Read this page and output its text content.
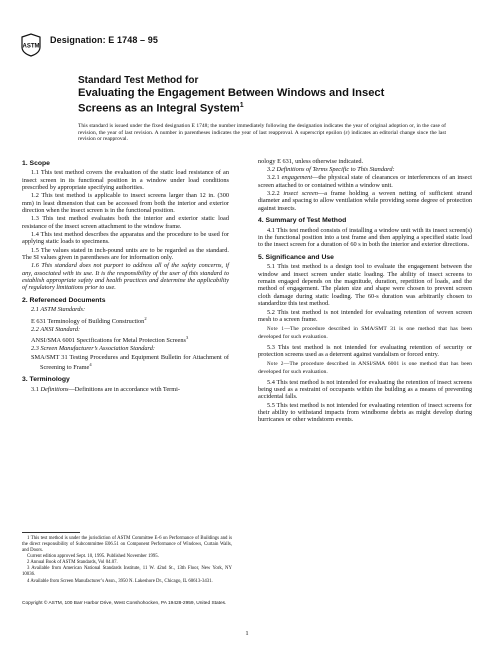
ASTM
Designation: E 1748 – 95
Standard Test Method for
Evaluating the Engagement Between Windows and Insect
Screens as an Integral System$^1$
This standard is issued under the fixed designation E 1748; the number immediately following the designation indicates the year of original adoption or, in the case of revision, the year of last revision. A number in parentheses indicates the year of last reapproval. A superscript epsilon (ε) indicates an editorial change since the last revision or reapproval.
1. Scope

1.1 This test method covers the evaluation of the static load resistance of an insect screen in its functional position in a window under load conditions prescribed by appropriate specifying authorities.

1.2 This test method is applicable to insect screens larger than 12 in. (300 mm) in least dimension that can be accessed from both the interior and exterior direction when the insect screen is in the functional position.

1.3 This test method evaluates both the interior and exterior static load resistance of the insect screen attachment to the window frame.

1.4 This test method describes the apparatus and the procedure to be used for applying static loads to specimens.

1.5 The values stated in inch-pound units are to be regarded as the standard. The SI values given in parentheses are for information only.

1.6 This standard does not purport to address all of the safety concerns, if any, associated with its use. It is the responsibility of the user of this standard to establish appropriate safety and health practices and determine the applicability of regulatory limitations prior to use.

2. Referenced Documents

2.1 ASTM Standards:

E 631 Terminology of Building Construction$^2$

2.2 ANSI Standard:

ANSI/SMA 6001 Specifications for Metal Protection Screens$^3$

2.3 Screen Manufacturer’s Association Standard:

SMA/SMT 31 Testing Procedures and Equipment Bulletin for Attachment of Screening to Frame$^4$

3. Terminology

3.1 Definitions—Definitions are in accordance with Termi-

nology E 631, unless otherwise indicated.

3.2 Definitions of Terms Specific to This Standard:

3.2.1 engagement—the physical state of clearances or interferences of an insect screen attached to or contained within a window unit.

3.2.2 insect screen—a frame holding a woven netting of sufficient strand diameter and spacing to allow ventilation while providing some degree of protection against insects.

4. Summary of Test Method

4.1 This test method consists of installing a window unit with its insect screen(s) in the functional position into a test frame and then applying a specified static load to the insect screen for a duration of 60 s in both the interior and exterior directions.

5. Significance and Use

5.1 This test method is a design tool to evaluate the engagement between the window and insect screen under static loading. The ability of insect screens to remain engaged depends on the magnitude, duration, repetition of loads, and the method of engagement. The platen size and shape were chosen to prevent screen cloth damage during static loading. The 60-s duration was arbitrarily chosen to standardize this test method.

5.2 This test method is not intended for evaluating retention of woven screen mesh to a screen frame.

Note 1—The procedure described in SMA/SMT 31 is one method that has been developed for such evaluation.

5.3 This test method is not intended for evaluating retention of security or protection screens used as a deterrent against vandalism or forced entry.

Note 2—The procedure described in ANSI/SMA 6001 is one method that has been developed for such evaluation.

5.4 This test method is not intended for evaluating the retention of insect screens being used as a restraint of occupants within the building as a means of preventing accidental falls.

5.5 This test method is not intended for evaluating retention of insect screens for their ability to withstand impacts from windborne debris as might develop during hurricanes or other windstorm events.

1 This test method is under the jurisdiction of ASTM Committee E-6 on Performance of Buildings and is the direct responsibility of Subcommittee E06.51 on Component Performance of Windows, Curtain Walls, and Doors.

Current edition approved Sept. 10, 1995. Published November 1995.

2 Annual Book of ASTM Standards, Vol 04.07.

3 Available from American National Standards Institute, 11 W. 42nd St., 13th Floor, New York, NY 10036.

4 Available from Screen Manufacturer’s Assn., 3950 N. Lakeshore Dr., Chicago, IL 60613-3431.

Copyright © ASTM, 100 Barr Harbor Drive, West Conshohocken, PA 19428-2959, United States.
1
